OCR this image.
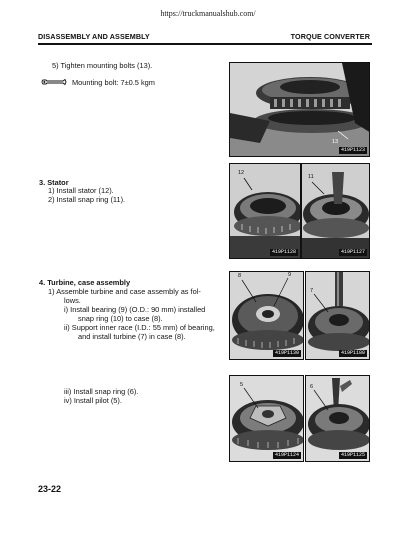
https://truckmanualshub.com/
DISASSEMBLY AND ASSEMBLY	TORQUE CONVERTER
5) Tighten mounting bolts (13).
Mounting bolt: 7±0.5 kgm
13
419P1123
3. Stator
1) Install stator (12).
2) Install snap ring (11).
12
419P1128
11
419P1127
4. Turbine, case assembly
1) Assemble turbine and case assembly as fol-
lows.
i) Install bearing (9) (O.D.: 90 mm) installed
snap ring (10) to case (8).
ii) Support inner race (I.D.: 55 mm) of bearing,
and install turbine (7) in case (8).
8	9
419P1130
7
419P1180
iii) Install snap ring (6).
iv) Install pilot (5).
5
419P1124
6
419P1125
23-22
